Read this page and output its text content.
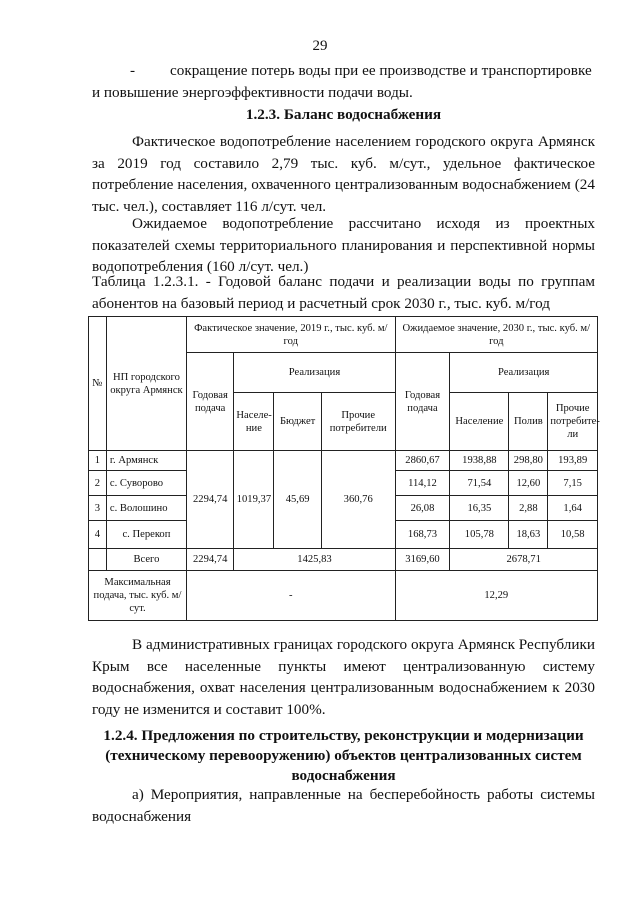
29
-	сокращение потерь воды при ее производстве и транспортировке
и повышение энергоэффективности подачи воды.
1.2.3. Баланс водоснабжения

Фактическое водопотребление населением городского округа Армянск за 2019 год составило 2,79 тыс. куб. м/сут., удельное фактическое потребление населения, охваченного централизованным водоснабжением (24 тыс. чел.), составляет 116 л/сут. чел.

Ожидаемое водопотребление рассчитано исходя из проектных показателей схемы территориального планирования и перспективной нормы водопотребления (160 л/сут. чел.)

Таблица 1.2.3.1. - Годовой баланс подачи и реализации воды по группам абонентов на базовый период и расчетный срок 2030 г., тыс. куб. м/год

№	НП городского округа Армянск	Фактическое значение, 2019 г., тыс. куб. м/год				Ожидаемое значение, 2030 г., тыс. куб. м/год			
		Годовая подача	Реализация			Годовая подача	Реализация		
			Населе-ние	Бюджет	Прочие потребители		Население	Полив	Прочие потребите-ли
1	г. Армянск	2294,74	1019,37	45,69	360,76	2860,67	1938,88	298,80	193,89
2	с. Суворово					114,12	71,54	12,60	7,15
3	с. Волошино					26,08	16,35	2,88	1,64
4	с. Перекоп					168,73	105,78	18,63	10,58
	Всего	2294,74	1425,83			3169,60	2678,71		
Максимальная подача, тыс. куб. м/сут.		-				12,29			

В административных границах городского округа Армянск Республики Крым все населенные пункты имеют централизованную систему водоснабжения, охват населения централизованным водоснабжением к 2030 году не изменится и составит 100%.

1.2.4. Предложения по строительству, реконструкции и модернизации (техническому перевооружению) объектов централизованных систем водоснабжения

а) Мероприятия, направленные на бесперебойность работы системы водоснабжения
